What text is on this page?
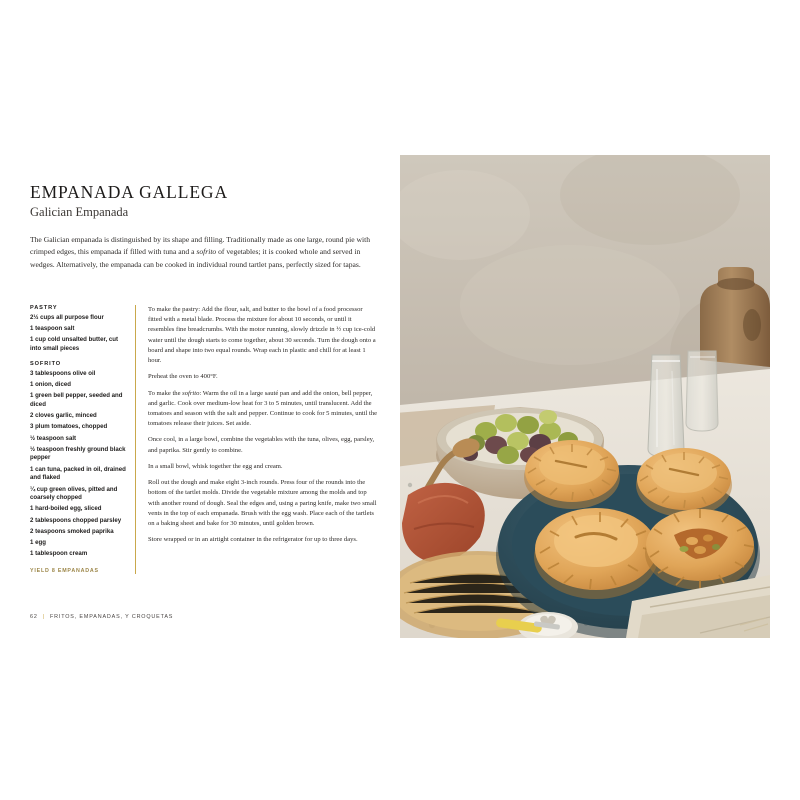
EMPANADA GALLEGA
Galician Empanada
The Galician empanada is distinguished by its shape and filling. Traditionally made as one large, round pie with crimped edges, this empanada if filled with tuna and a sofrito of vegetables; it is cooked whole and served in wedges. Alternatively, the empanada can be cooked in individual round tartlet pans, perfectly sized for tapas.
PASTRY
2½ cups all purpose flour
1 teaspoon salt
1 cup cold unsalted butter, cut into small pieces
SOFRITO
3 tablespoons olive oil
1 onion, diced
1 green bell pepper, seeded and diced
2 cloves garlic, minced
3 plum tomatoes, chopped
½ teaspoon salt
½ teaspoon freshly ground black pepper
1 can tuna, packed in oil, drained and flaked
¼ cup green olives, pitted and coarsely chopped
1 hard-boiled egg, sliced
2 tablespoons chopped parsley
2 teaspoons smoked paprika
1 egg
1 tablespoon cream
YIELD 8 EMPANADAS

To make the pastry: Add the flour, salt, and butter to the bowl of a food processor fitted with a metal blade. Process the mixture for about 10 seconds, or until it resembles fine breadcrumbs. With the motor running, slowly drizzle in ½ cup ice-cold water until the dough starts to come together, about 30 seconds. Turn the dough onto a board and shape into two equal rounds. Wrap each in plastic and chill for at least 1 hour.

Preheat the oven to 400°F.

To make the sofrito: Warm the oil in a large sauté pan and add the onion, bell pepper, and garlic. Cook over medium-low heat for 3 to 5 minutes, until translucent. Add the tomatoes and season with the salt and pepper. Continue to cook for 5 minutes, until the tomatoes release their juices. Set aside.

Once cool, in a large bowl, combine the vegetables with the tuna, olives, egg, parsley, and paprika. Stir gently to combine.

In a small bowl, whisk together the egg and cream.

Roll out the dough and make eight 3-inch rounds. Press four of the rounds into the bottom of the tartlet molds. Divide the vegetable mixture among the molds and top with another round of dough. Seal the edges and, using a paring knife, make two small vents in the top of each empanada. Brush with the egg wash. Place each of the tartlets on a baking sheet and bake for 30 minutes, until golden brown.

Store wrapped or in an airtight container in the refrigerator for up to three days.

62 | FRITOS, EMPANADAS, Y CROQUETAS
